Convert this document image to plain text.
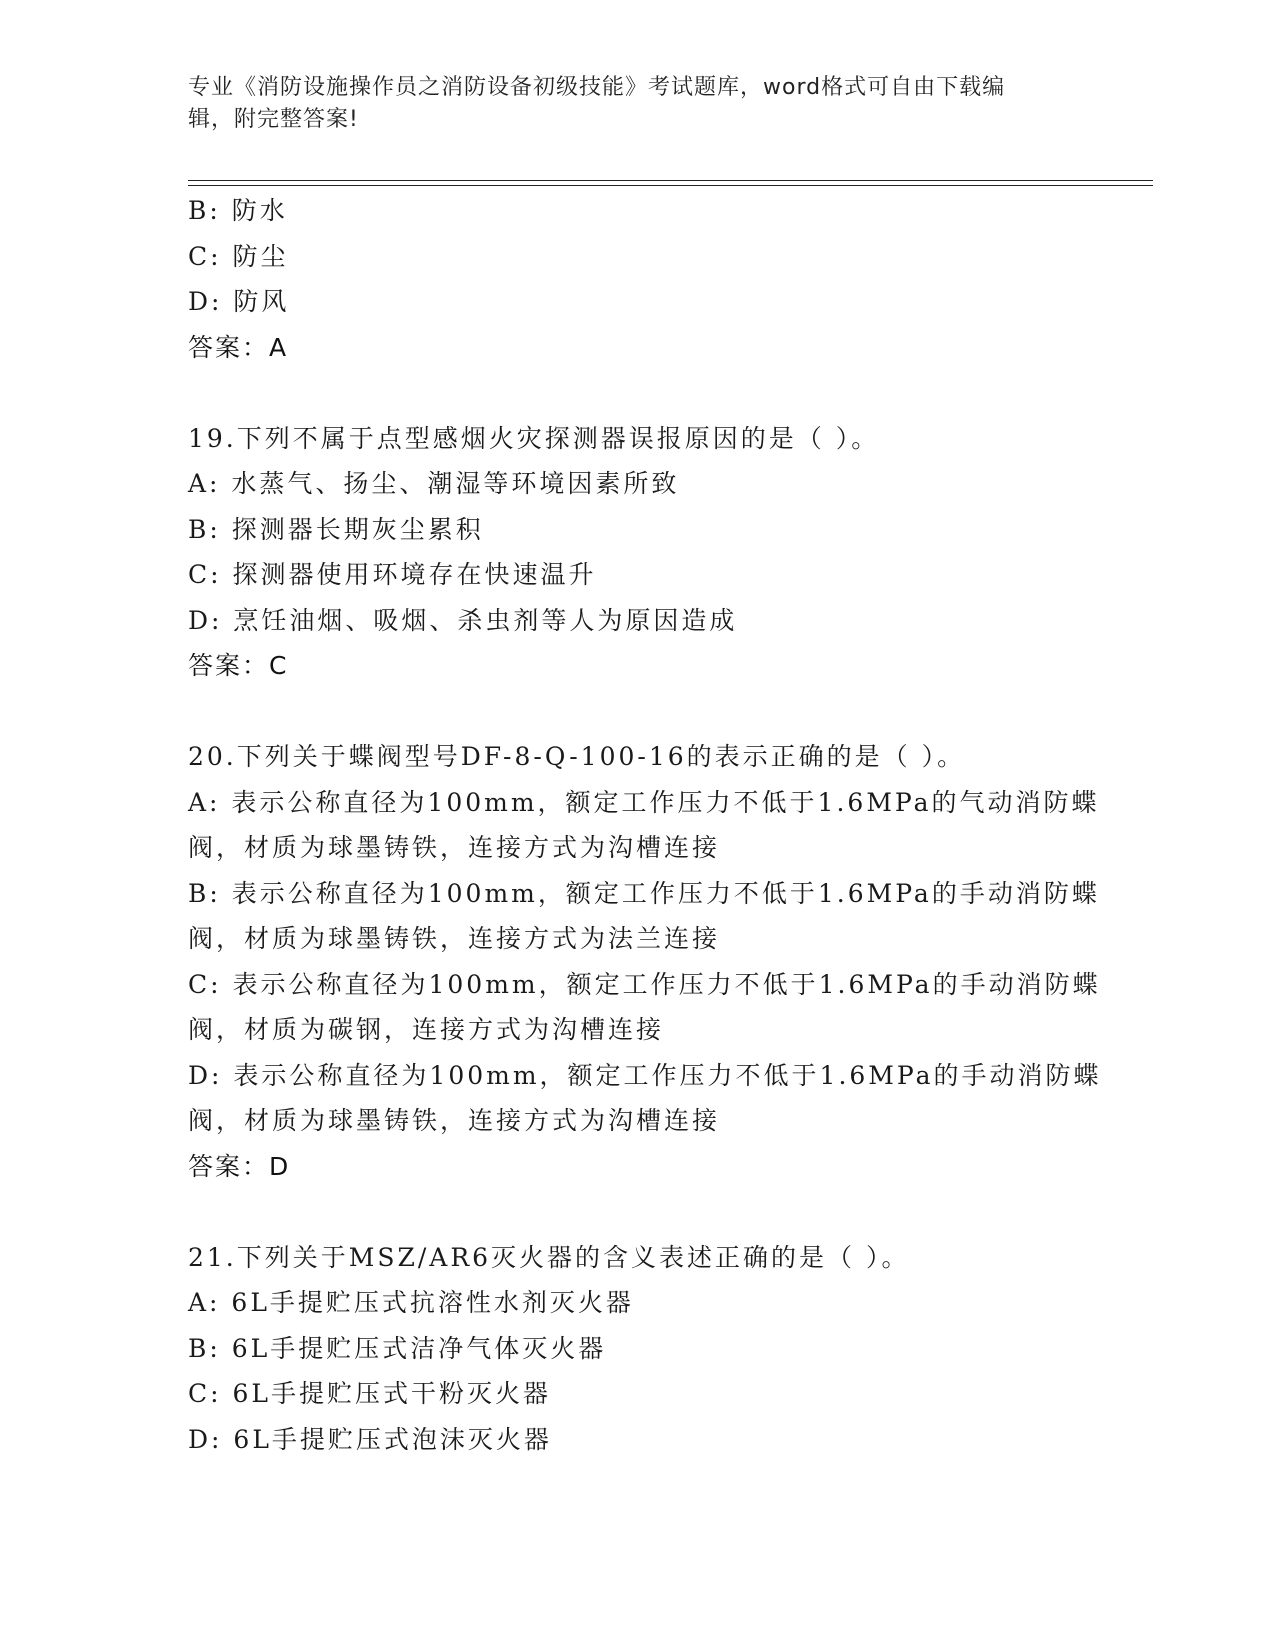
专业《消防设施操作员之消防设备初级技能》考试题库，word格式可自由下载编
辑，附完整答案!
B: 防水
C: 防尘
D: 防风
答案：A
19.下列不属于点型感烟火灾探测器误报原因的是（ ）。
A: 水蒸气、扬尘、潮湿等环境因素所致
B: 探测器长期灰尘累积
C: 探测器使用环境存在快速温升
D: 烹饪油烟、吸烟、杀虫剂等人为原因造成
答案：C
20.下列关于蝶阀型号DF-8-Q-100-16的表示正确的是（ ）。
A: 表示公称直径为100mm，额定工作压力不低于1.6MPa的气动消防蝶
阀，材质为球墨铸铁，连接方式为沟槽连接
B: 表示公称直径为100mm，额定工作压力不低于1.6MPa的手动消防蝶
阀，材质为球墨铸铁，连接方式为法兰连接
C: 表示公称直径为100mm，额定工作压力不低于1.6MPa的手动消防蝶
阀，材质为碳钢，连接方式为沟槽连接
D: 表示公称直径为100mm，额定工作压力不低于1.6MPa的手动消防蝶
阀，材质为球墨铸铁，连接方式为沟槽连接
答案：D
21.下列关于MSZ/AR6灭火器的含义表述正确的是（ ）。
A: 6L手提贮压式抗溶性水剂灭火器
B: 6L手提贮压式洁净气体灭火器
C: 6L手提贮压式干粉灭火器
D: 6L手提贮压式泡沫灭火器
